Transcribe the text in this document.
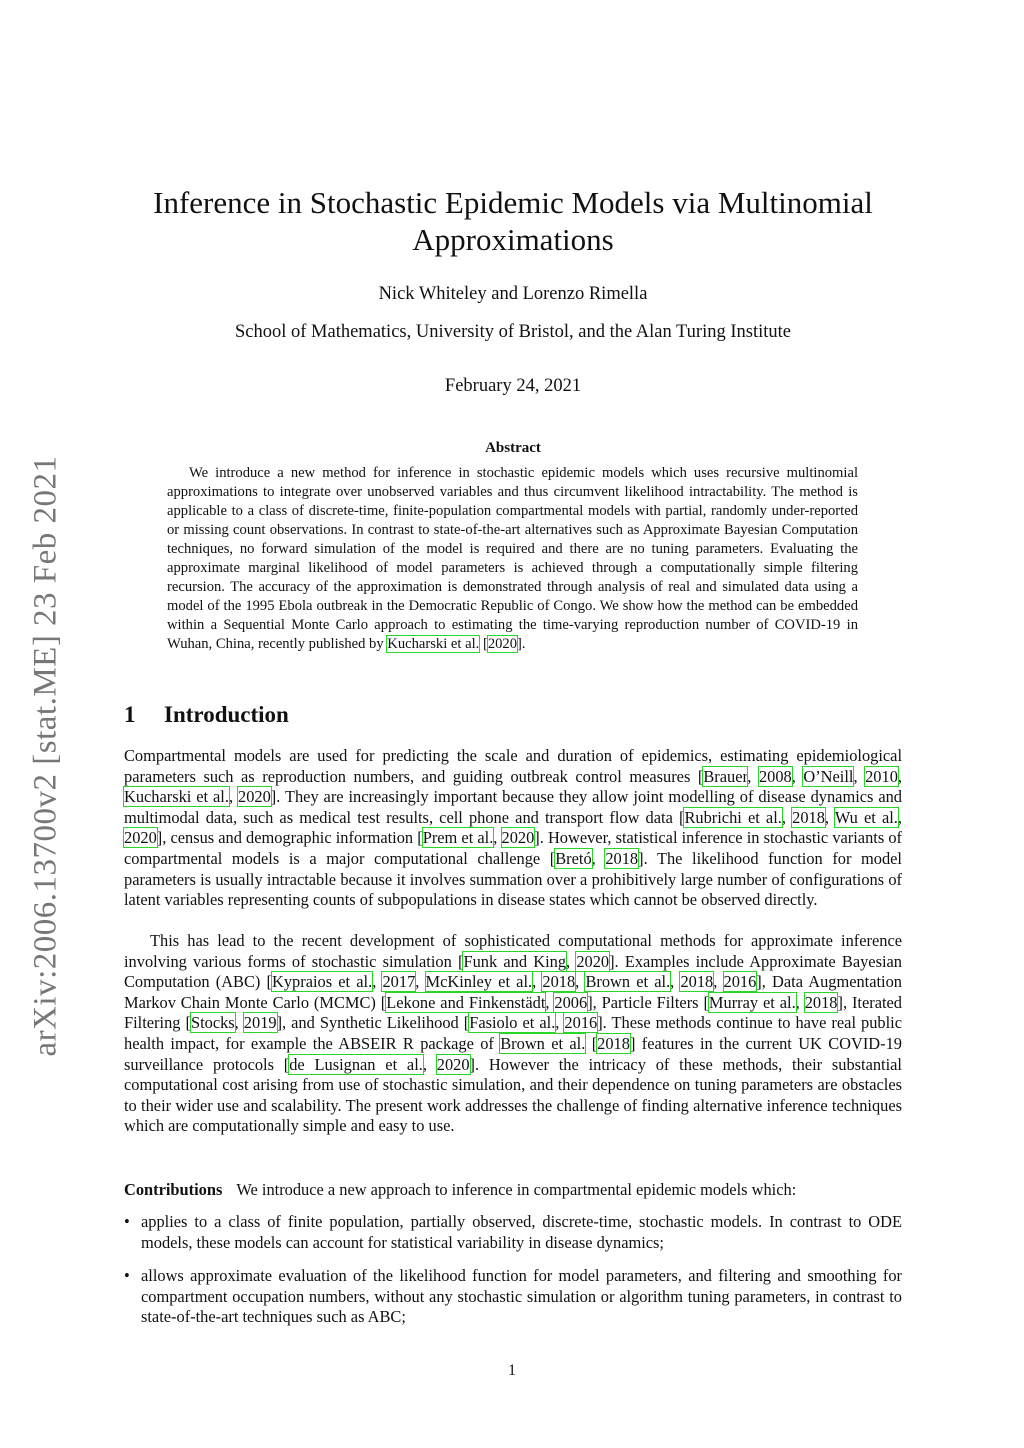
arXiv:2006.13700v2 [stat.ME] 23 Feb 2021
Inference in Stochastic Epidemic Models via Multinomial Approximations
Nick Whiteley and Lorenzo Rimella
School of Mathematics, University of Bristol, and the Alan Turing Institute
February 24, 2021
Abstract

We introduce a new method for inference in stochastic epidemic models which uses recursive multinomial approximations to integrate over unobserved variables and thus circumvent likelihood intractability. The method is applicable to a class of discrete-time, finite-population compartmental models with partial, randomly under-reported or missing count observations. In contrast to state-of-the-art alternatives such as Approximate Bayesian Computation techniques, no forward simulation of the model is required and there are no tuning parameters. Evaluating the approximate marginal likelihood of model parameters is achieved through a computationally simple filtering recursion. The accuracy of the approximation is demonstrated through analysis of real and simulated data using a model of the 1995 Ebola outbreak in the Democratic Republic of Congo. We show how the method can be embedded within a Sequential Monte Carlo approach to estimating the time-varying reproduction number of COVID-19 in Wuhan, China, recently published by Kucharski et al. [2020].

1 Introduction

Compartmental models are used for predicting the scale and duration of epidemics, estimating epidemiological parameters such as reproduction numbers, and guiding outbreak control measures [Brauer, 2008, O’Neill, 2010, Kucharski et al., 2020]. They are increasingly important because they allow joint modelling of disease dynamics and multimodal data, such as medical test results, cell phone and transport flow data [Rubrichi et al., 2018, Wu et al., 2020], census and demographic information [Prem et al., 2020]. However, statistical inference in stochastic variants of compartmental models is a major computational challenge [Bretó, 2018]. The likelihood function for model parameters is usually intractable because it involves summation over a prohibitively large number of configurations of latent variables representing counts of subpopulations in disease states which cannot be observed directly.

This has lead to the recent development of sophisticated computational methods for approximate inference involving various forms of stochastic simulation [Funk and King, 2020]. Examples include Approximate Bayesian Computation (ABC) [Kypraios et al., 2017, McKinley et al., 2018, Brown et al., 2018, 2016], Data Augmentation Markov Chain Monte Carlo (MCMC) [Lekone and Finkenstädt, 2006], Particle Filters [Murray et al., 2018], Iterated Filtering [Stocks, 2019], and Synthetic Likelihood [Fasiolo et al., 2016]. These methods continue to have real public health impact, for example the ABSEIR R package of Brown et al. [2018] features in the current UK COVID-19 surveillance protocols [de Lusignan et al., 2020]. However the intricacy of these methods, their substantial computational cost arising from use of stochastic simulation, and their dependence on tuning parameters are obstacles to their wider use and scalability. The present work addresses the challenge of finding alternative inference techniques which are computationally simple and easy to use.

Contributions We introduce a new approach to inference in compartmental epidemic models which:

• applies to a class of finite population, partially observed, discrete-time, stochastic models. In contrast to ODE models, these models can account for statistical variability in disease dynamics;
• allows approximate evaluation of the likelihood function for model parameters, and filtering and smoothing for compartment occupation numbers, without any stochastic simulation or algorithm tuning parameters, in contrast to state-of-the-art techniques such as ABC;
1
